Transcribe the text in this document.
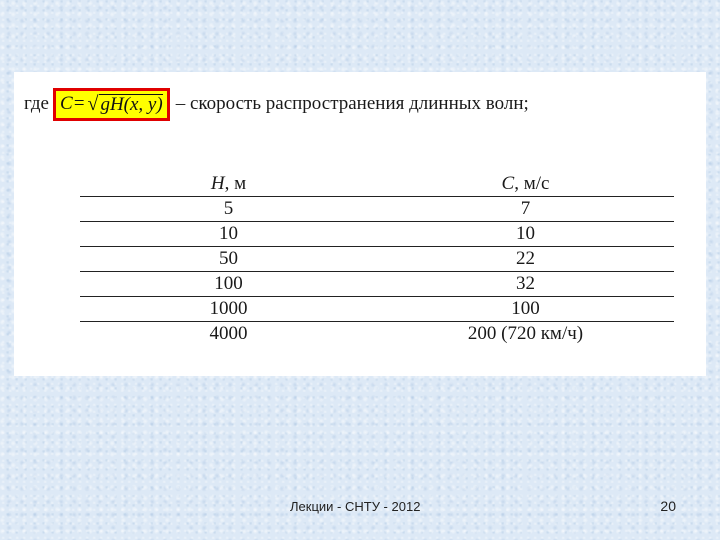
где C = √ gH(x, y) – скорость распространения длинных волн;
H, м	C, м/с
5	7
10	10
50	22
100	32
1000	100
4000	200 (720 км/ч)
Лекции - СНТУ - 2012	20
